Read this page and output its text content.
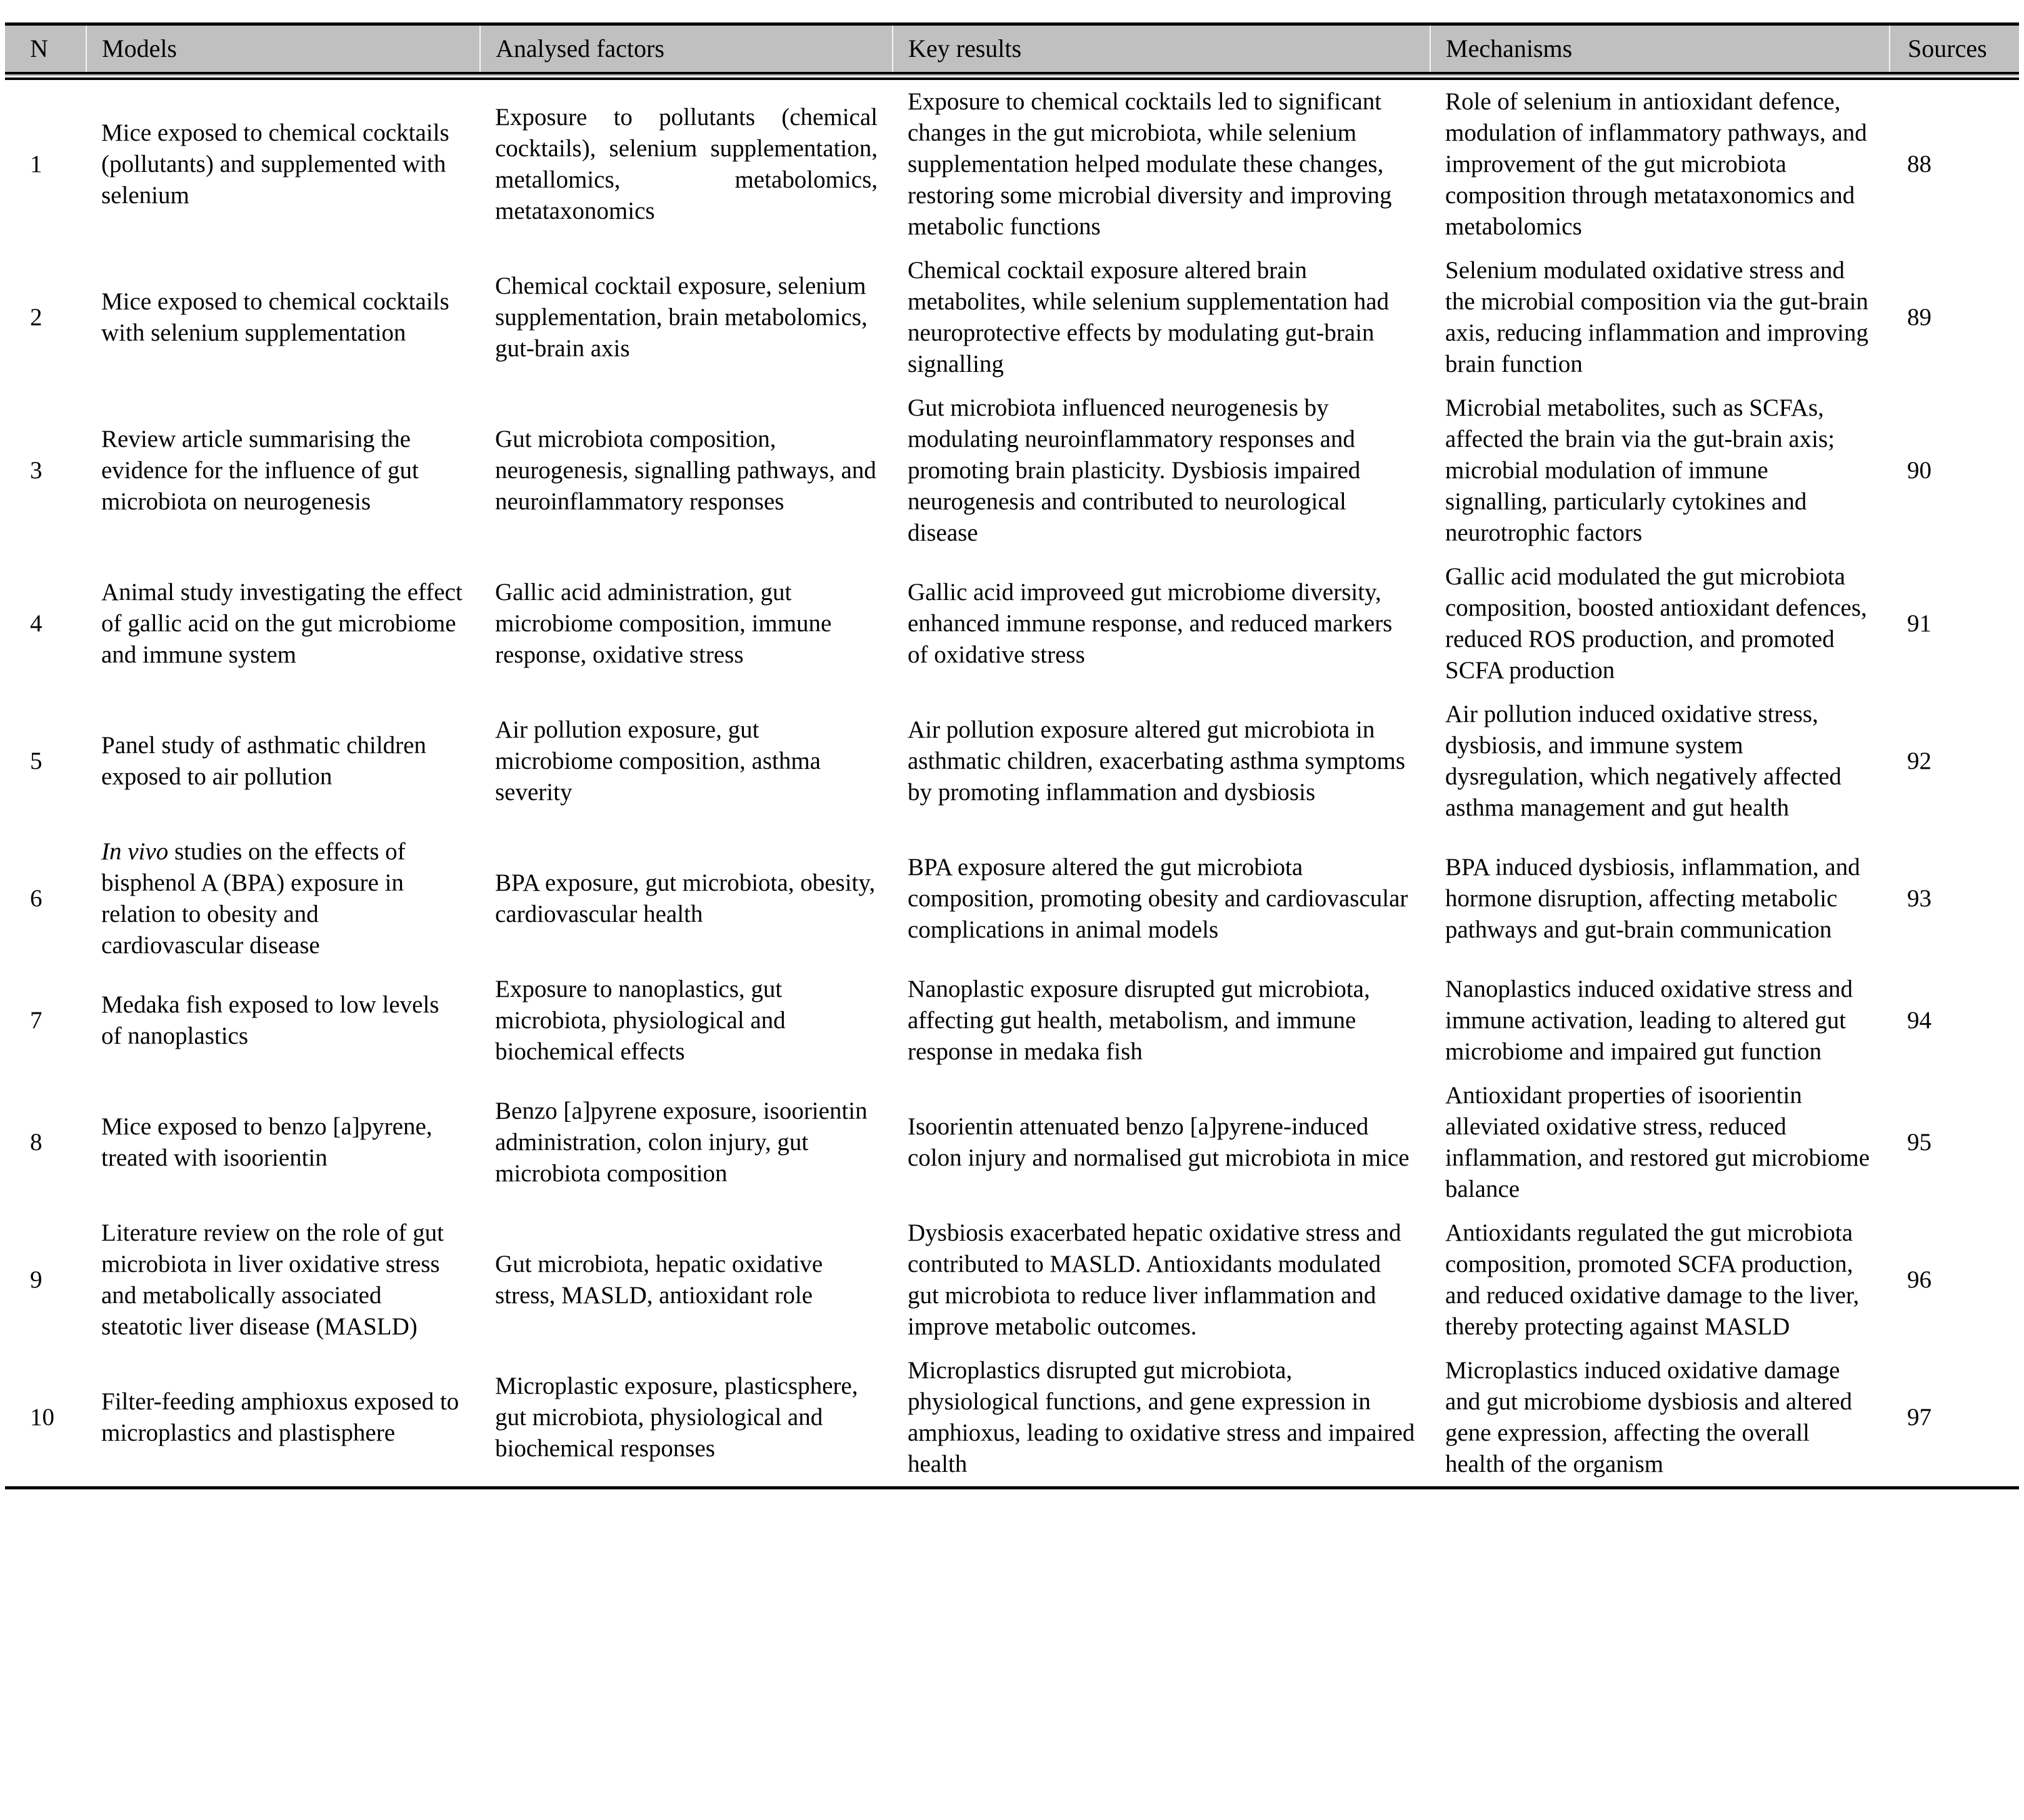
N	Models	Analysed factors	Key results	Mechanisms	Sources
1	Mice exposed to chemical cocktails (pollutants) and supplemented with selenium	Exposure to pollutants (chemical cocktails), selenium supplementation, metallomics, metabolomics, metataxonomics	Exposure to chemical cocktails led to significant changes in the gut microbiota, while selenium supplementation helped modulate these changes, restoring some microbial diversity and improving metabolic functions	Role of selenium in antioxidant defence, modulation of inflammatory pathways, and improvement of the gut microbiota composition through metataxonomics and metabolomics	88
2	Mice exposed to chemical cocktails with selenium supplementation	Chemical cocktail exposure, selenium supplementation, brain metabolomics, gut-brain axis	Chemical cocktail exposure altered brain metabolites, while selenium supplementation had neuroprotective effects by modulating gut-brain signalling	Selenium modulated oxidative stress and the microbial composition via the gut-brain axis, reducing inflammation and improving brain function	89
3	Review article summarising the evidence for the influence of gut microbiota on neurogenesis	Gut microbiota composition, neurogenesis, signalling pathways, and neuroinflammatory responses	Gut microbiota influenced neurogenesis by modulating neuroinflammatory responses and promoting brain plasticity. Dysbiosis impaired neurogenesis and contributed to neurological disease	Microbial metabolites, such as SCFAs, affected the brain via the gut-brain axis; microbial modulation of immune signalling, particularly cytokines and neurotrophic factors	90
4	Animal study investigating the effect of gallic acid on the gut microbiome and immune system	Gallic acid administration, gut microbiome composition, immune response, oxidative stress	Gallic acid improveed gut microbiome diversity, enhanced immune response, and reduced markers of oxidative stress	Gallic acid modulated the gut microbiota composition, boosted antioxidant defences, reduced ROS production, and promoted SCFA production	91
5	Panel study of asthmatic children exposed to air pollution	Air pollution exposure, gut microbiome composition, asthma severity	Air pollution exposure altered gut microbiota in asthmatic children, exacerbating asthma symptoms by promoting inflammation and dysbiosis	Air pollution induced oxidative stress, dysbiosis, and immune system dysregulation, which negatively affected asthma management and gut health	92
6	In vivo studies on the effects of bisphenol A (BPA) exposure in relation to obesity and cardiovascular disease	BPA exposure, gut microbiota, obesity, cardiovascular health	BPA exposure altered the gut microbiota composition, promoting obesity and cardiovascular complications in animal models	BPA induced dysbiosis, inflammation, and hormone disruption, affecting metabolic pathways and gut-brain communication	93
7	Medaka fish exposed to low levels of nanoplastics	Exposure to nanoplastics, gut microbiota, physiological and biochemical effects	Nanoplastic exposure disrupted gut microbiota, affecting gut health, metabolism, and immune response in medaka fish	Nanoplastics induced oxidative stress and immune activation, leading to altered gut microbiome and impaired gut function	94
8	Mice exposed to benzo [a]pyrene, treated with isoorientin	Benzo [a]pyrene exposure, isoorientin administration, colon injury, gut microbiota composition	Isoorientin attenuated benzo [a]pyrene-induced colon injury and normalised gut microbiota in mice	Antioxidant properties of isoorientin alleviated oxidative stress, reduced inflammation, and restored gut microbiome balance	95
9	Literature review on the role of gut microbiota in liver oxidative stress and metabolically associated steatotic liver disease (MASLD)	Gut microbiota, hepatic oxidative stress, MASLD, antioxidant role	Dysbiosis exacerbated hepatic oxidative stress and contributed to MASLD. Antioxidants modulated gut microbiota to reduce liver inflammation and improve metabolic outcomes.	Antioxidants regulated the gut microbiota composition, promoted SCFA production, and reduced oxidative damage to the liver, thereby protecting against MASLD	96
10	Filter-feeding amphioxus exposed to microplastics and plastisphere	Microplastic exposure, plasticsphere, gut microbiota, physiological and biochemical responses	Microplastics disrupted gut microbiota, physiological functions, and gene expression in amphioxus, leading to oxidative stress and impaired health	Microplastics induced oxidative damage and gut microbiome dysbiosis and altered gene expression, affecting the overall health of the organism	97
